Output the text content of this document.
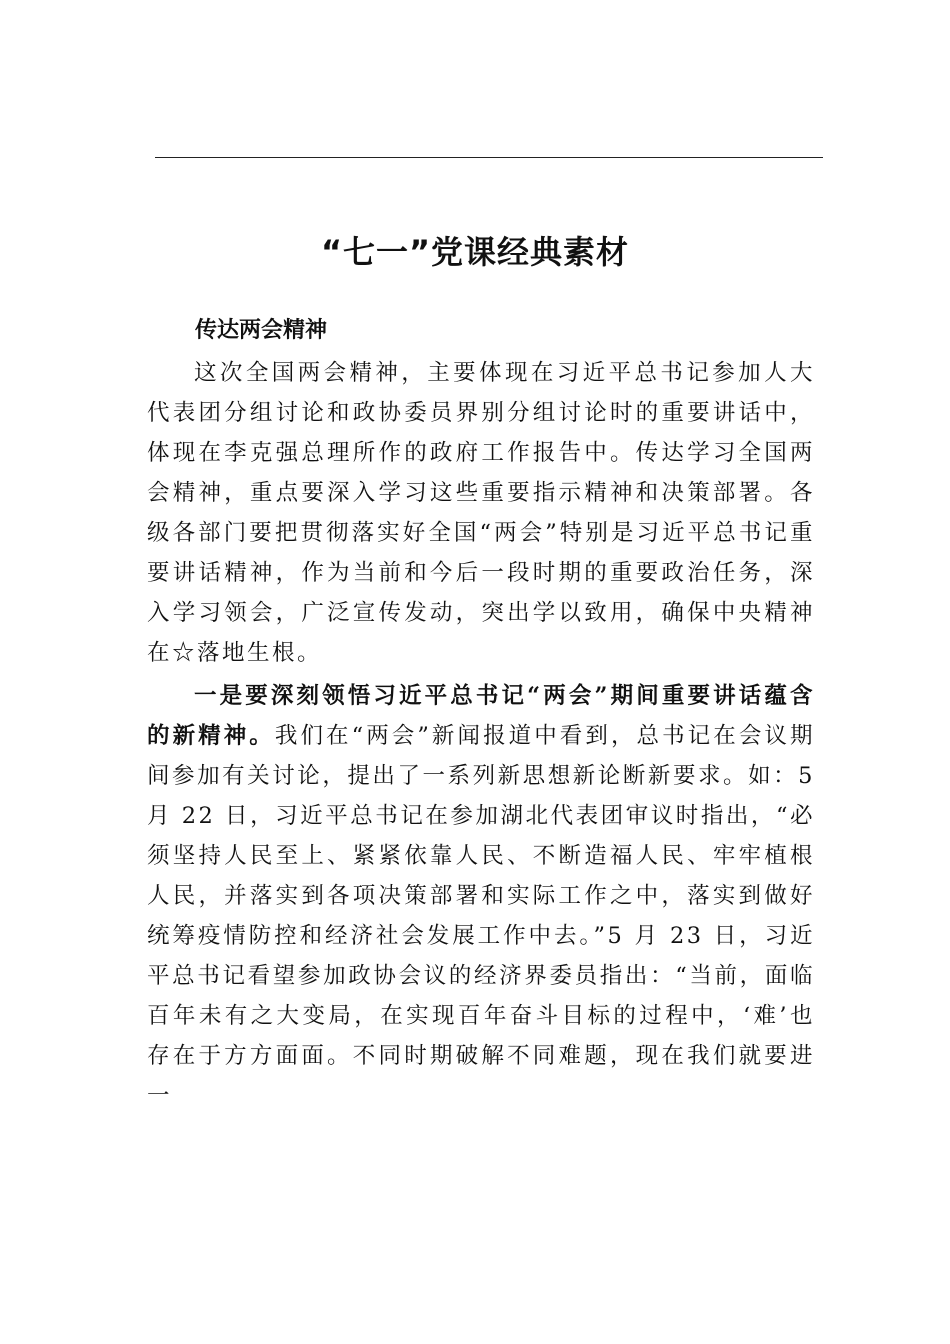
“七一”党课经典素材
传达两会精神

这次全国两会精神，主要体现在习近平总书记参加人大代表团分组讨论和政协委员界别分组讨论时的重要讲话中，体现在李克强总理所作的政府工作报告中。传达学习全国两会精神，重点要深入学习这些重要指示精神和决策部署。各级各部门要把贯彻落实好全国“两会”特别是习近平总书记重要讲话精神，作为当前和今后一段时期的重要政治任务，深入学习领会，广泛宣传发动，突出学以致用，确保中央精神在☆落地生根。

一是要深刻领悟习近平总书记“两会”期间重要讲话蕴含的新精神。我们在“两会”新闻报道中看到，总书记在会议期间参加有关讨论，提出了一系列新思想新论断新要求。如：5 月 22 日，习近平总书记在参加湖北代表团审议时指出，“必须坚持人民至上、紧紧依靠人民、不断造福人民、牢牢植根人民，并落实到各项决策部署和实际工作之中，落实到做好统筹疫情防控和经济社会发展工作中去。”5 月 23 日，习近平总书记看望参加政协会议的经济界委员指出：“当前，面临百年未有之大变局，在实现百年奋斗目标的过程中，‘难’也存在于方方面面。不同时期破解不同难题，现在我们就要进一
